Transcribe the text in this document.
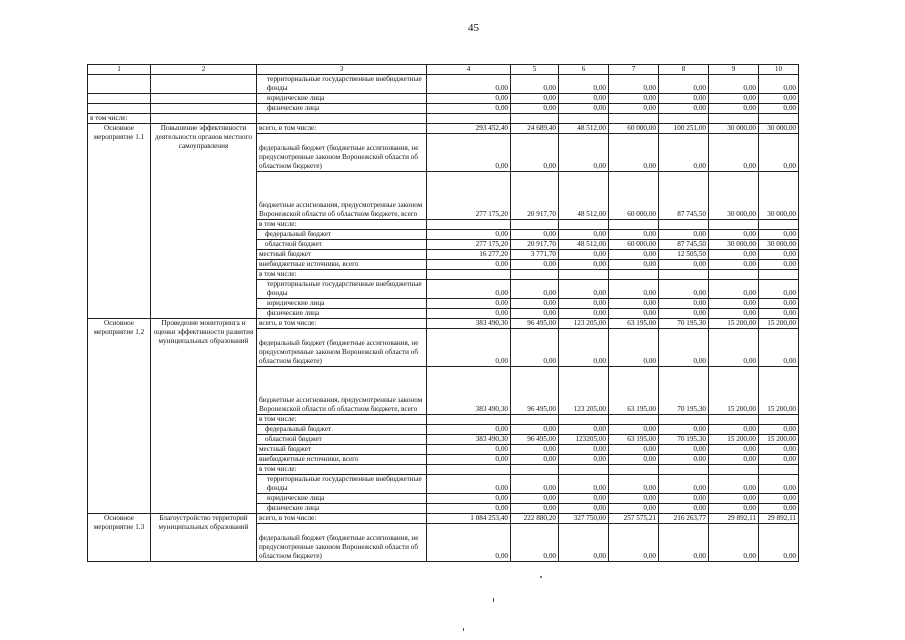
45
1	2	3	4	5	6	7	8	9	10
		территориальные государственные внебюджетные фонды	0,00	0,00	0,00	0,00	0,00	0,00	0,00
		юридические лица	0,00	0,00	0,00	0,00	0,00	0,00	0,00
		физические лица	0,00	0,00	0,00	0,00	0,00	0,00	0,00
в том числе:									
Основное мероприятие 1.1	Повышение эффективности деятельности органов местного самоуправления	всего, в том числе:	293 452,40	24 689,40	48 512,00	60 000,00	100 251,00	30 000,00	30 000,00
		федеральный бюджет (бюджетные ассигнования, не предусмотренные законом Воронежской области об областном бюджете)	0,00	0,00	0,00	0,00	0,00	0,00	0,00
		бюджетные ассигнования, предусмотренные законом Воронежской области об областном бюджете, всего	277 175,20	20 917,70	48 512,00	60 000,00	87 745,50	30 000,00	30 000,00
		в том числе:							
		федеральный бюджет	0,00	0,00	0,00	0,00	0,00	0,00	0,00
		областной бюджет	277 175,20	20 917,70	48 512,00	60 000,00	87 745,50	30 000,00	30 000,00
		местный бюджет	16 277,20	3 771,70	0,00	0,00	12 505,50	0,00	0,00
		внебюджетные источники, всего	0,00	0,00	0,00	0,00	0,00	0,00	0,00
		в том числе:							
		территориальные государственные внебюджетные фонды	0,00	0,00	0,00	0,00	0,00	0,00	0,00
		юридические лица	0,00	0,00	0,00	0,00	0,00	0,00	0,00
		физические лица	0,00	0,00	0,00	0,00	0,00	0,00	0,00
Основное мероприятие 1.2	Проведение мониторинга и оценки эффективности развития муниципальных образований	всего, в том числе:	383 490,30	96 495,00	123 205,00	63 195,00	70 195,30	15 200,00	15 200,00
		федеральный бюджет (бюджетные ассигнования, не предусмотренные законом Воронежской области об областном бюджете)	0,00	0,00	0,00	0,00	0,00	0,00	0,00
		бюджетные ассигнования, предусмотренные законом Воронежской области об областном бюджете, всего	383 490,30	96 495,00	123 205,00	63 195,00	70 195,30	15 200,00	15 200,00
		в том числе:							
		федеральный бюджет	0,00	0,00	0,00	0,00	0,00	0,00	0,00
		областной бюджет	383 490,30	96 495,00	123205,00	63 195,00	70 195,30	15 200,00	15 200,00
		местный бюджет	0,00	0,00	0,00	0,00	0,00	0,00	0,00
		внебюджетные источники, всего	0,00	0,00	0,00	0,00	0,00	0,00	0,00
		в том числе:							
		территориальные государственные внебюджетные фонды	0,00	0,00	0,00	0,00	0,00	0,00	0,00
		юридические лица	0,00	0,00	0,00	0,00	0,00	0,00	0,00
		физические лица	0,00	0,00	0,00	0,00	0,00	0,00	0,00
Основное мероприятие 1.3	Благоустройство территорий муниципальных образований	всего, в том числе:	1 084 253,40	222 880,20	327 750,00	257 575,21	216 263,77	29 892,11	29 892,11
		федеральный бюджет (бюджетные ассигнования, не предусмотренные законом Воронежской области об областном бюджете)	0,00	0,00	0,00	0,00	0,00	0,00	0,00
